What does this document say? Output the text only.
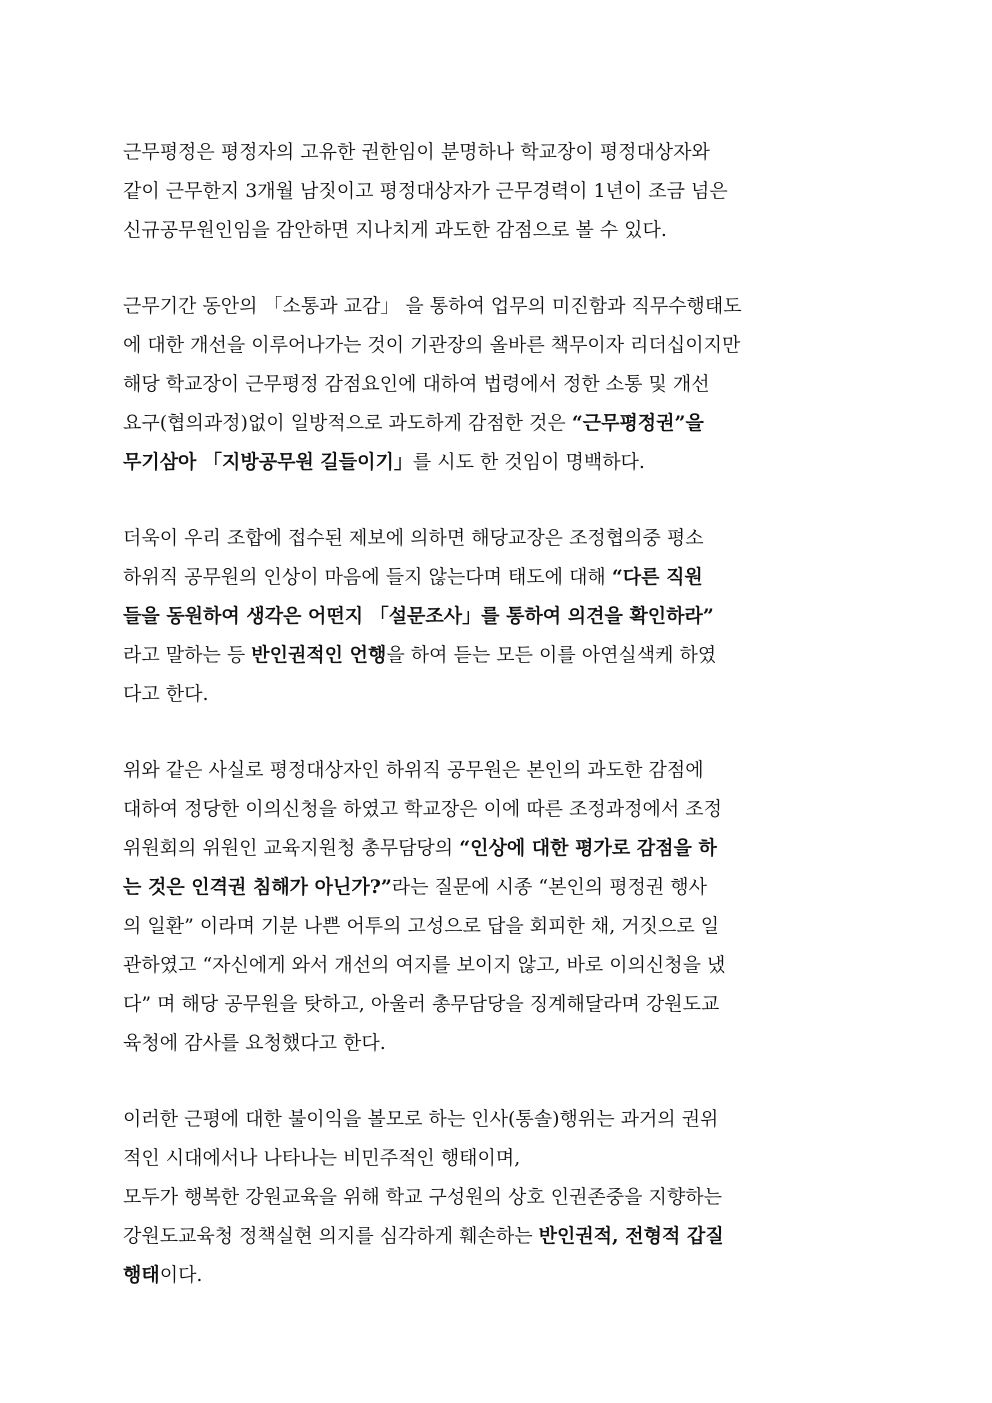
근무평정은 평정자의 고유한 권한임이 분명하나 학교장이 평정대상자와
같이 근무한지 3개월 남짓이고 평정대상자가 근무경력이 1년이 조금 넘은
신규공무원인임을 감안하면 지나치게 과도한 감점으로 볼 수 있다.

근무기간 동안의 「소통과 교감」 을 통하여 업무의 미진함과 직무수행태도
에 대한 개선을 이루어나가는 것이 기관장의 올바른 책무이자 리더십이지만
해당 학교장이 근무평정 감점요인에 대하여 법령에서 정한 소통 및 개선
요구(협의과정)없이 일방적으로 과도하게 감점한 것은 “근무평정권”을
무기삼아 「지방공무원 길들이기」를 시도 한 것임이 명백하다.

더욱이 우리 조합에 접수된 제보에 의하면 해당교장은 조정협의중 평소
하위직 공무원의 인상이 마음에 들지 않는다며 태도에 대해 “다른 직원
들을 동원하여 생각은 어떤지 「설문조사」를 통하여 의견을 확인하라”
라고 말하는 등 반인권적인 언행을 하여 듣는 모든 이를 아연실색케 하였
다고 한다.

위와 같은 사실로 평정대상자인 하위직 공무원은 본인의 과도한 감점에
대하여 정당한 이의신청을 하였고 학교장은 이에 따른 조정과정에서 조정
위원회의 위원인 교육지원청 총무담당의 “인상에 대한 평가로 감점을 하
는 것은 인격권 침해가 아닌가?”라는 질문에 시종 “본인의 평정권 행사
의 일환” 이라며 기분 나쁜 어투의 고성으로 답을 회피한 채, 거짓으로 일
관하였고 “자신에게 와서 개선의 여지를 보이지 않고, 바로 이의신청을 냈
다” 며 해당 공무원을 탓하고, 아울러 총무담당을 징계해달라며 강원도교
육청에 감사를 요청했다고 한다.

이러한 근평에 대한 불이익을 볼모로 하는 인사(통솔)행위는 과거의 권위
적인 시대에서나 나타나는 비민주적인 행태이며,
모두가 행복한 강원교육을 위해 학교 구성원의 상호 인권존중을 지향하는
강원도교육청 정책실현 의지를 심각하게 훼손하는 반인권적, 전형적 갑질
행태이다.
